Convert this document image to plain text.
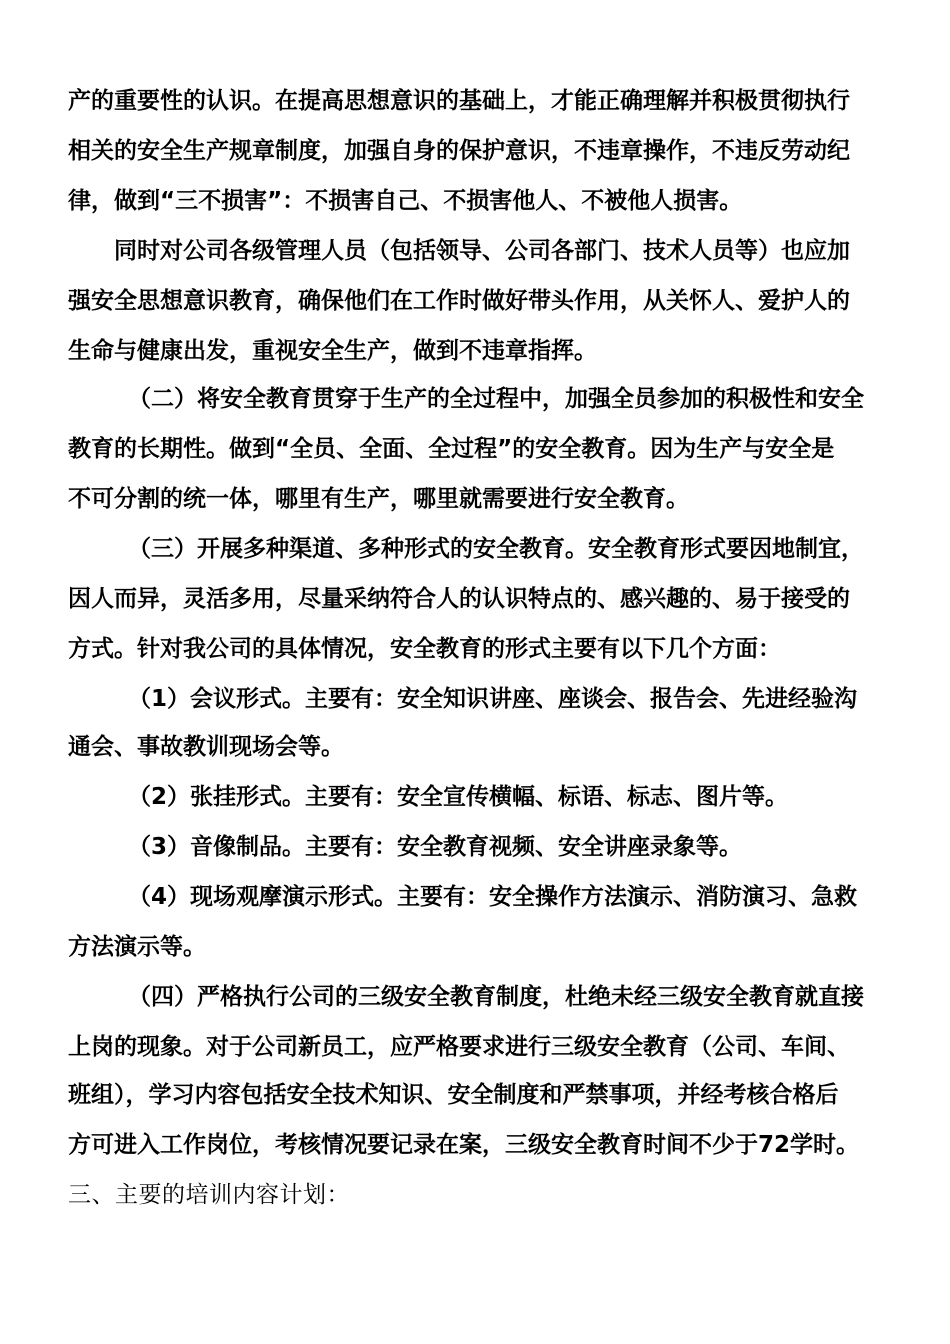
产的重要性的认识。在提高思想意识的基础上，才能正确理解并积极贯彻执行
相关的安全生产规章制度，加强自身的保护意识，不违章操作，不违反劳动纪
律，做到“三不损害”：不损害自己、不损害他人、不被他人损害。
同时对公司各级管理人员（包括领导、公司各部门、技术人员等）也应加
强安全思想意识教育，确保他们在工作时做好带头作用，从关怀人、爱护人的
生命与健康出发，重视安全生产，做到不违章指挥。
（二）将安全教育贯穿于生产的全过程中，加强全员参加的积极性和安全
教育的长期性。做到“全员、全面、全过程”的安全教育。因为生产与安全是
不可分割的统一体，哪里有生产，哪里就需要进行安全教育。
（三）开展多种渠道、多种形式的安全教育。安全教育形式要因地制宜，
因人而异，灵活多用，尽量采纳符合人的认识特点的、感兴趣的、易于接受的
方式。针对我公司的具体情况，安全教育的形式主要有以下几个方面：
（1）会议形式。主要有：安全知识讲座、座谈会、报告会、先进经验沟
通会、事故教训现场会等。
（2）张挂形式。主要有：安全宣传横幅、标语、标志、图片等。
（3）音像制品。主要有：安全教育视频、安全讲座录象等。
（4）现场观摩演示形式。主要有：安全操作方法演示、消防演习、急救
方法演示等。
（四）严格执行公司的三级安全教育制度，杜绝未经三级安全教育就直接
上岗的现象。对于公司新员工，应严格要求进行三级安全教育（公司、车间、
班组），学习内容包括安全技术知识、安全制度和严禁事项，并经考核合格后
方可进入工作岗位，考核情况要记录在案，三级安全教育时间不少于72学时。
三、主要的培训内容计划：
